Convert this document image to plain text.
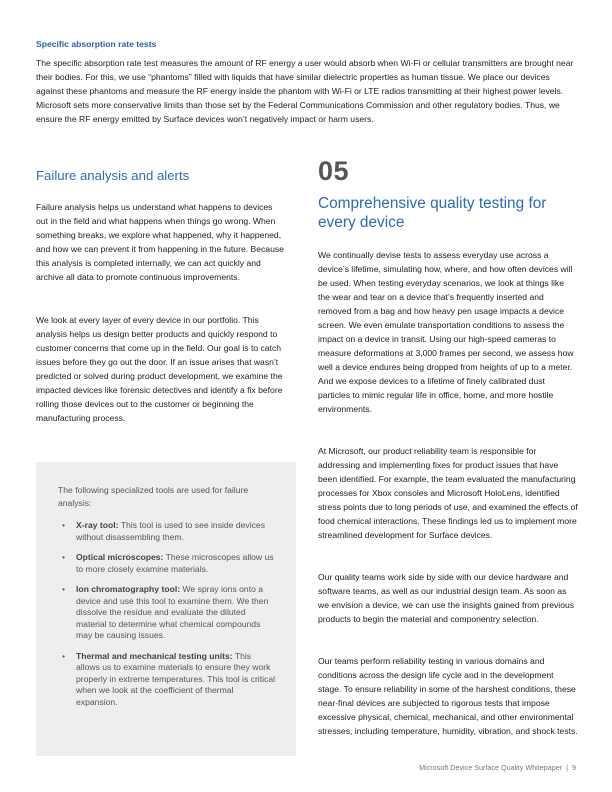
Specific absorption rate tests

The specific absorption rate test measures the amount of RF energy a user would absorb when Wi-Fi or cellular transmitters are brought near their bodies. For this, we use “phantoms” filled with liquids that have similar dielectric properties as human tissue. We place our devices against these phantoms and measure the RF energy inside the phantom with Wi-Fi or LTE radios transmitting at their highest power levels. Microsoft sets more conservative limits than those set by the Federal Communications Commission and other regulatory bodies. Thus, we ensure the RF energy emitted by Surface devices won’t negatively impact or harm users.

Failure analysis and alerts

Failure analysis helps us understand what happens to devices out in the field and what happens when things go wrong. When something breaks, we explore what happened, why it happened, and how we can prevent it from happening in the future. Because this analysis is completed internally, we can act quickly and archive all data to promote continuous improvements.

We look at every layer of every device in our portfolio. This analysis helps us design better products and quickly respond to customer concerns that come up in the field. Our goal is to catch issues before they go out the door. If an issue arises that wasn’t predicted or solved during product development, we examine the impacted devices like forensic detectives and identify a fix before rolling those devices out to the customer or beginning the manufacturing process.

The following specialized tools are used for failure analysis:

• X-ray tool: This tool is used to see inside devices without disassembling them.
• Optical microscopes: These microscopes allow us to more closely examine materials.
• Ion chromatography tool: We spray ions onto a device and use this tool to examine them. We then dissolve the residue and evaluate the diluted material to determine what chemical compounds may be causing issues.
• Thermal and mechanical testing units: This allows us to examine materials to ensure they work properly in extreme temperatures. This tool is critical when we look at the coefficient of thermal expansion.
05
Comprehensive quality testing for every device

We continually devise tests to assess everyday use across a device’s lifetime, simulating how, where, and how often devices will be used. When testing everyday scenarios, we look at things like the wear and tear on a device that’s frequently inserted and removed from a bag and how heavy pen usage impacts a device screen. We even emulate transportation conditions to assess the impact on a device in transit. Using our high-speed cameras to measure deformations at 3,000 frames per second, we assess how well a device endures being dropped from heights of up to a meter. And we expose devices to a lifetime of finely calibrated dust particles to mimic regular life in office, home, and more hostile environments.

At Microsoft, our product reliability team is responsible for addressing and implementing fixes for product issues that have been identified. For example, the team evaluated the manufacturing processes for Xbox consoles and Microsoft HoloLens, identified stress points due to long periods of use, and examined the effects of food chemical interactions. These findings led us to implement more streamlined development for Surface devices.

Our quality teams work side by side with our device hardware and software teams, as well as our industrial design team. As soon as we envision a device, we can use the insights gained from previous products to begin the material and componentry selection.

Our teams perform reliability testing in various domains and conditions across the design life cycle and in the development stage. To ensure reliability in some of the harshest conditions, these near-final devices are subjected to rigorous tests that impose excessive physical, chemical, mechanical, and other environmental stresses, including temperature, humidity, vibration, and shock tests.

Microsoft Device Surface Quality Whitepaper | 9
